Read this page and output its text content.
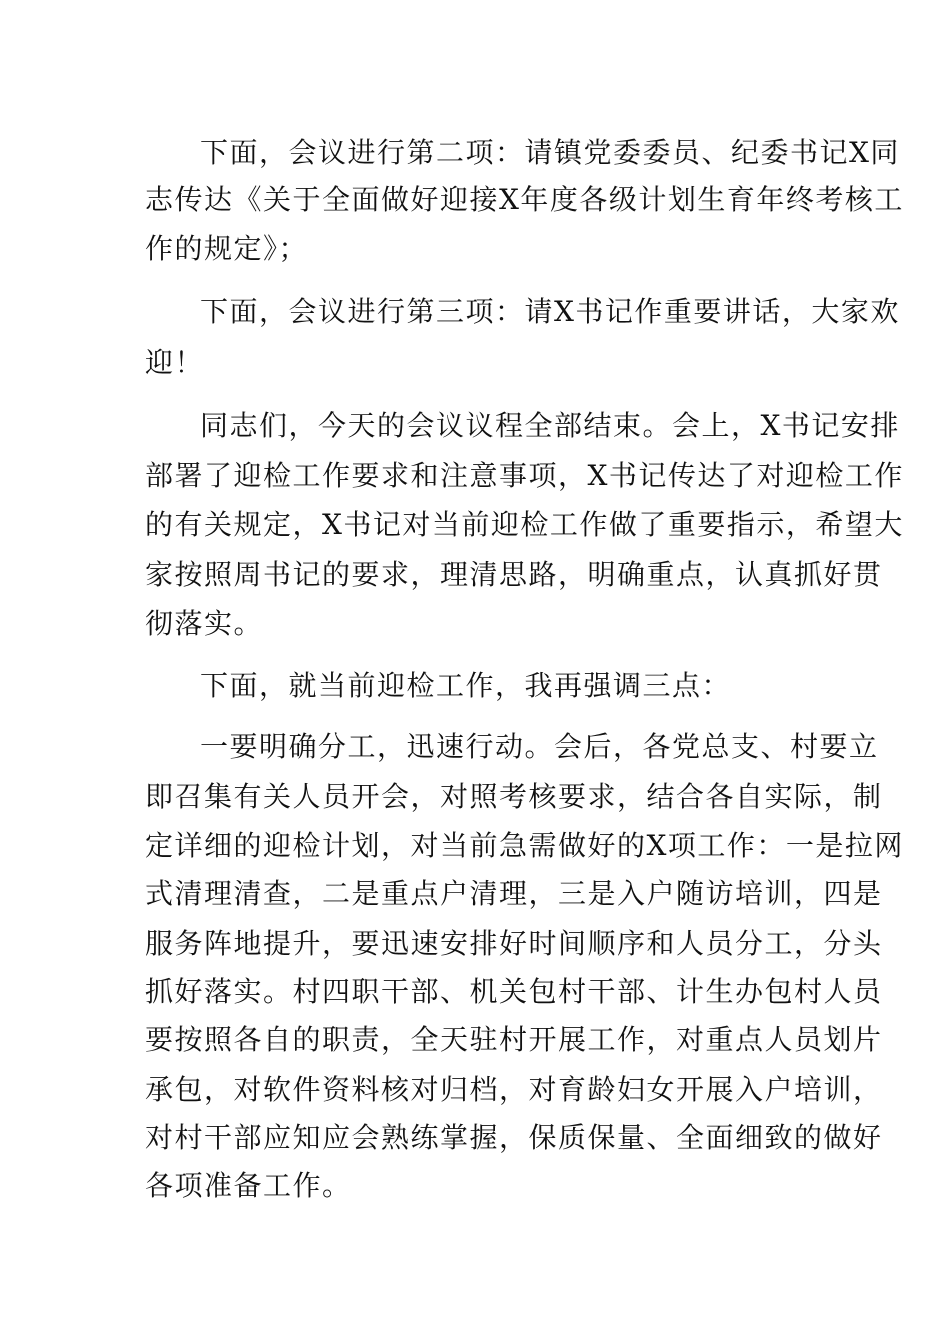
下面，会议进行第二项：请镇党委委员、纪委书记X同
志传达《关于全面做好迎接X年度各级计划生育年终考核工
作的规定》；
下面，会议进行第三项：请X书记作重要讲话，大家欢
迎！
同志们，今天的会议议程全部结束。会上，X书记安排
部署了迎检工作要求和注意事项，X书记传达了对迎检工作
的有关规定，X书记对当前迎检工作做了重要指示，希望大
家按照周书记的要求，理清思路，明确重点，认真抓好贯
彻落实。
下面，就当前迎检工作，我再强调三点：
一要明确分工，迅速行动。会后，各党总支、村要立
即召集有关人员开会，对照考核要求，结合各自实际，制
定详细的迎检计划，对当前急需做好的X项工作：一是拉网
式清理清查，二是重点户清理，三是入户随访培训，四是
服务阵地提升，要迅速安排好时间顺序和人员分工，分头
抓好落实。村四职干部、机关包村干部、计生办包村人员
要按照各自的职责，全天驻村开展工作，对重点人员划片
承包，对软件资料核对归档，对育龄妇女开展入户培训，
对村干部应知应会熟练掌握，保质保量、全面细致的做好
各项准备工作。
